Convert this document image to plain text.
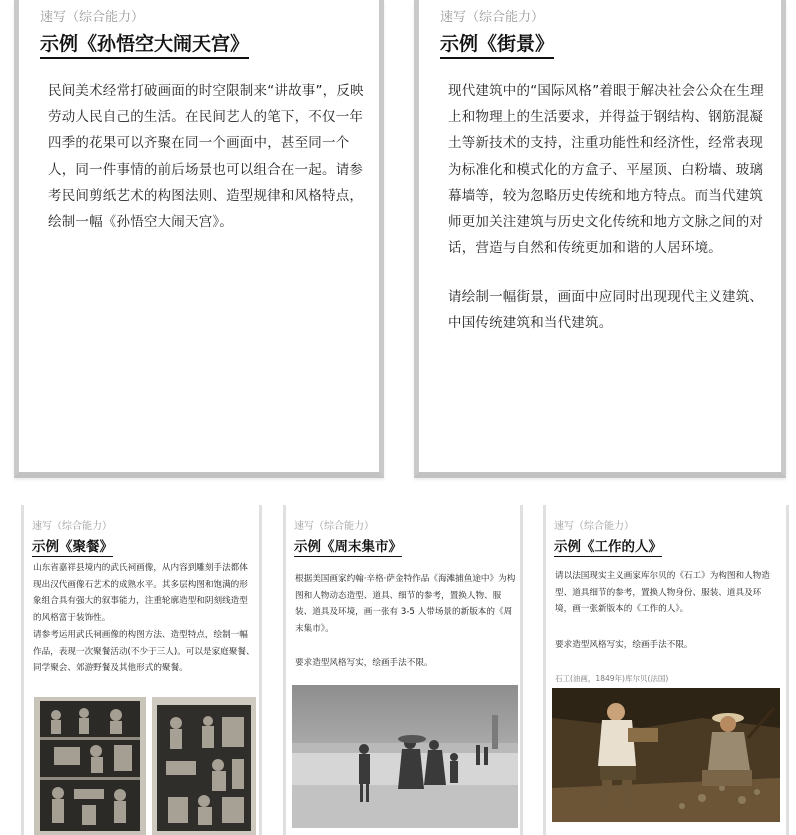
速写（综合能力）
示例《孙悟空大闹天宫》

民间美术经常打破画面的时空限制来“讲故事”，反映劳动人民自己的生活。在民间艺人的笔下，不仅一年四季的花果可以齐聚在同一个画面中，甚至同一个人，同一件事情的前后场景也可以组合在一起。请参考民间剪纸艺术的构图法则、造型规律和风格特点，绘制一幅《孙悟空大闹天宫》。

速写（综合能力）
示例《街景》

现代建筑中的“国际风格”着眼于解决社会公众在生理上和物理上的生活要求，并得益于钢结构、钢筋混凝土等新技术的支持，注重功能性和经济性，经常表现为标准化和模式化的方盒子、平屋顶、白粉墙、玻璃幕墙等，较为忽略历史传统和地方特点。而当代建筑师更加关注建筑与历史文化传统和地方文脉之间的对话，营造与自然和传统更加和谐的人居环境。

请绘制一幅街景，画面中应同时出现现代主义建筑、中国传统建筑和当代建筑。

速写（综合能力）
示例《聚餐》

山东省嘉祥县境内的武氏祠画像，从内容到雕刻手法都体现出汉代画像石艺术的成熟水平。其多层构图和饱满的形象组合具有强大的叙事能力，注重轮廓造型和阴刻线造型的风格富于装饰性。

请参考运用武氏祠画像的构图方法、造型特点，绘制一幅作品，表现一次聚餐活动(不少于三人)。可以是家庭聚餐、同学聚会、郊游野餐及其他形式的聚餐。

速写（综合能力）
示例《周末集市》

根据美国画家约翰·辛格·萨金特作品《海滩捕鱼途中》为构图和人物动态造型、道具、细节的参考，置换人物、服装、道具及环境，画一张有 3-5 人带场景的新版本的《周末集市》。

要求造型风格写实，绘画手法不限。

速写（综合能力）
示例《工作的人》

请以法国现实主义画家库尔贝的《石工》为构图和人物造型、道具细节的参考，置换人物身份、服装、道具及环境，画一张新版本的《工作的人》。

要求造型风格写实，绘画手法不限。

石工(油画，1849年)库尔贝(法国)
